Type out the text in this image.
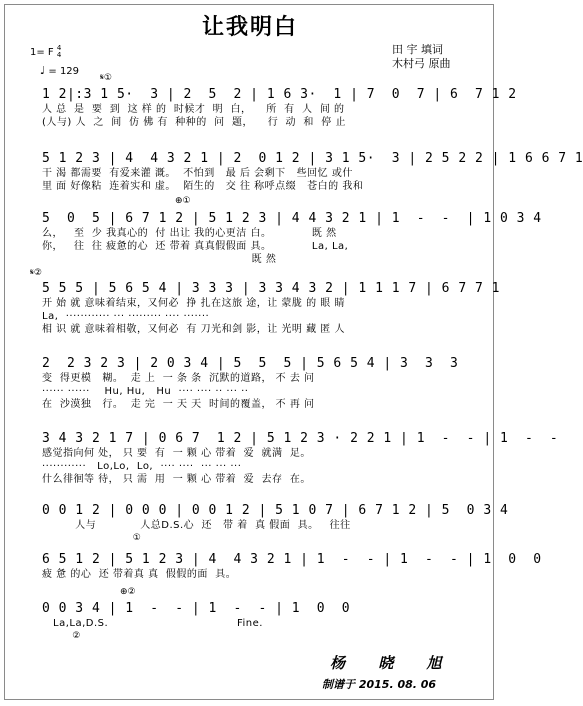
让我明白
田 宇 填词
木村弓 原曲
1= F 4
4
♩ = 129
𝄋①
⊕①
𝄋②
⊕②
1 2|:3 1 5·  3 | 2  5  2 | 1 6 3·  1 | 7  0  7 | 6  7 1 2
人 总  是  要  到  这 样 的  时候才  明  白，    所  有  人  间 的
(人与) 人  之  间  仿 佛 有  种种的  问  题，    行  动  和  停 止
5 1 2 3 | 4  4 3 2 1 | 2  0 1 2 | 3 1 5·  3 | 2 5 2 2 | 1 6 6 7 1
干 渴 都需要  有爱来灌 溉。  不怕到   最 后 会剩下   些回忆 或什
里 面 好像粘  连着实和 虚。  陌生的   交 往 称呼点缀   苍白的 我和
5  0  5 | 6 7 1 2 | 5 1 2 3 | 4 4 3 2 1 | 1  -  -  | 1 0 3 4
么，   至  少 我真心的  付 出让 我的心更洁 白。           既 然
你，   往  往 疲惫的心  还 带着 真真假假面 具。           La, La,
既 然
5 5 5 | 5 6 5 4 | 3 3 3 | 3 3 4 3 2 | 1 1 1 7 | 6 7 7 1
开 始 就 意味着结束，又何必  挣 扎在这旅 途，让 蒙胧 的 眼 睛
La,  ············ ··· ········· ···· ·······
相 识 就 意味着相敬，又何必  有 刀光和剑 影，让 光明 藏 匿 人
2  2 3 2 3 | 2 0 3 4 | 5  5  5 | 5 6 5 4 | 3  3  3
变  得更模   糊。  走 上  一 条 条  沉默的道路， 不 去 问
······ ······    Hu, Hu,   Hu  ···· ···· ·· ··· ··
在  沙漠独   行。  走 完  一 天 天  时间的覆盖， 不 再 问
3 4 3 2 1 7 | 0 6 7  1 2 | 5 1 2 3 · 2 2 1 | 1  -  - | 1  -  -
感觉指向何 处， 只 要  有  一 颗 心 带着  爱  就满  足。
············   Lo,Lo,  Lo,  ···· ····  ··· ··· ···
什么徘徊等 待， 只 需  用  一 颗 心 带着  爱  去存  在。
0 0 1 2 | 0 0 0 | 0 0 1 2 | 5 1 0 7 | 6 7 1 2 | 5  0 3 4
人与            人总D.S.心  还   带 着  真 假面  具。   往往
①
6 5 1 2 | 5 1 2 3 | 4  4 3 2 1 | 1  -  - | 1  -  - | 1  0  0
疲 惫 的心  还 带着真 真  假假的面  具。
0 0 3 4 | 1  -  - | 1  -  - | 1  0  0
La,La,D.S.                                   Fine.
②
杨 晓 旭
制谱于 2015. 08. 06
